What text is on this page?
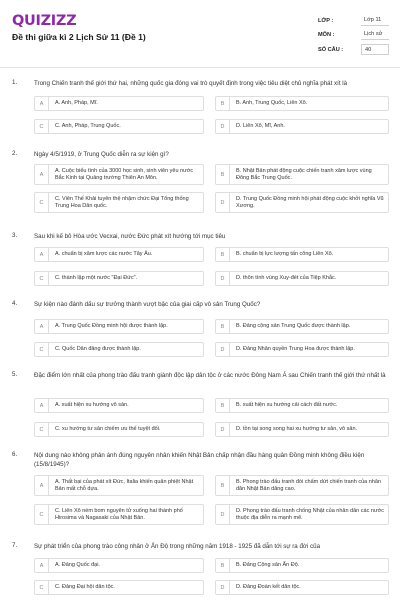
QUIZIZZ
Đề thi giữa kì 2 Lịch Sử 11 (Đề 1)
LỚP :	Lớp 11
MÔN :	Lịch sử
SỐ CÂU :	40
1.	Trong Chiến tranh thế giới thứ hai, những quốc gia đóng vai trò quyết định trong việc tiêu diệt chủ nghĩa phát xít là
A	A. Anh, Pháp, Mĩ.	B	B. Anh, Trung Quốc, Liên Xô.
C	C. Anh, Pháp, Trung Quốc.	D	D. Liên Xô, Mĩ, Anh.
2.	Ngày 4/5/1919, ở Trung Quốc diễn ra sự kiện gì?
A
A. Cuộc biểu tình của 3000 học sinh, sinh viên yêu nước Bắc Kinh tại Quảng trường Thiên An Môn.	B
B. Nhật Bản phát động cuộc chiến tranh xâm lược vùng Đông Bắc Trung Quốc.
C
C. Viên Thế Khải tuyên thệ nhậm chức Đại Tổng thống Trung Hoa Dân quốc.	D
D. Trung Quốc Đồng minh hội phát động cuộc khởi nghĩa Vũ Xương.
3.	Sau khi kế bô Hòa ước Vecxai, nước Đức phát xít hướng tới mục tiêu
A	A. chuẩn bị xâm lược các nước Tây Âu.	B	B. chuẩn bị lực lượng tấn công Liên Xô.
C	C. thành lập một nước "Đại Đức".	D	D. thôn tính vùng Xuy-đét của Tiệp Khắc.
4.	Sự kiện nào đánh dấu sự trưởng thành vượt bậc của giai cấp vô sản Trung Quốc?
A	A. Trung Quốc Đồng minh hội được thành lập.	B	B. Đảng cộng sản Trung Quốc được thành lập.
C	C. Quốc Dân đảng được thành lập.	D	D. Đảng Nhân quyền Trung Hoa được thành lập.
5.	Đặc điểm lớn nhất của phong trào đấu tranh giành độc lập dân tộc ở các nước Đông Nam Á sau Chiến tranh thế giới thứ nhất là
A	A. xuất hiện xu hướng vô sản.	B	B. xuất hiện xu hướng cải cách đất nước.
C	C. xu hướng tư sản chiếm ưu thế tuyệt đối.	D	D. tồn tại song song hai xu hướng tư sản, vô sản.
6.	Nội dung nào không phản ánh đúng nguyên nhân khiến Nhật Bản chấp nhận đầu hàng quân Đồng minh không điều kiện (15/8/1945)?
A
A. Thất bại của phát xít Đức, Italia khiến quân phiệt Nhật Bản mất chỗ dựa.	B
B. Phong trào đấu tranh đòi chấm dứt chiến tranh của nhân dân Nhật Bản dâng cao.
C
C. Liên Xô ném bom nguyên tử xuống hai thành phố Hirosima và Nagasaki của Nhật Bản.	D
D. Phong trào đấu tranh chống Nhật của nhân dân các nước thuộc địa diễn ra mạnh mẽ.
7.	Sự phát triển của phong trào công nhân ở Ấn Độ trong những năm 1918 - 1925 đã dẫn tới sự ra đời của
A	A. Đảng Quốc đại.	B	B. Đảng Cộng sản Ấn Độ.
C	C. Đảng Đại hội dân tộc.	D	D. Đảng Đoàn kết dân tộc.
